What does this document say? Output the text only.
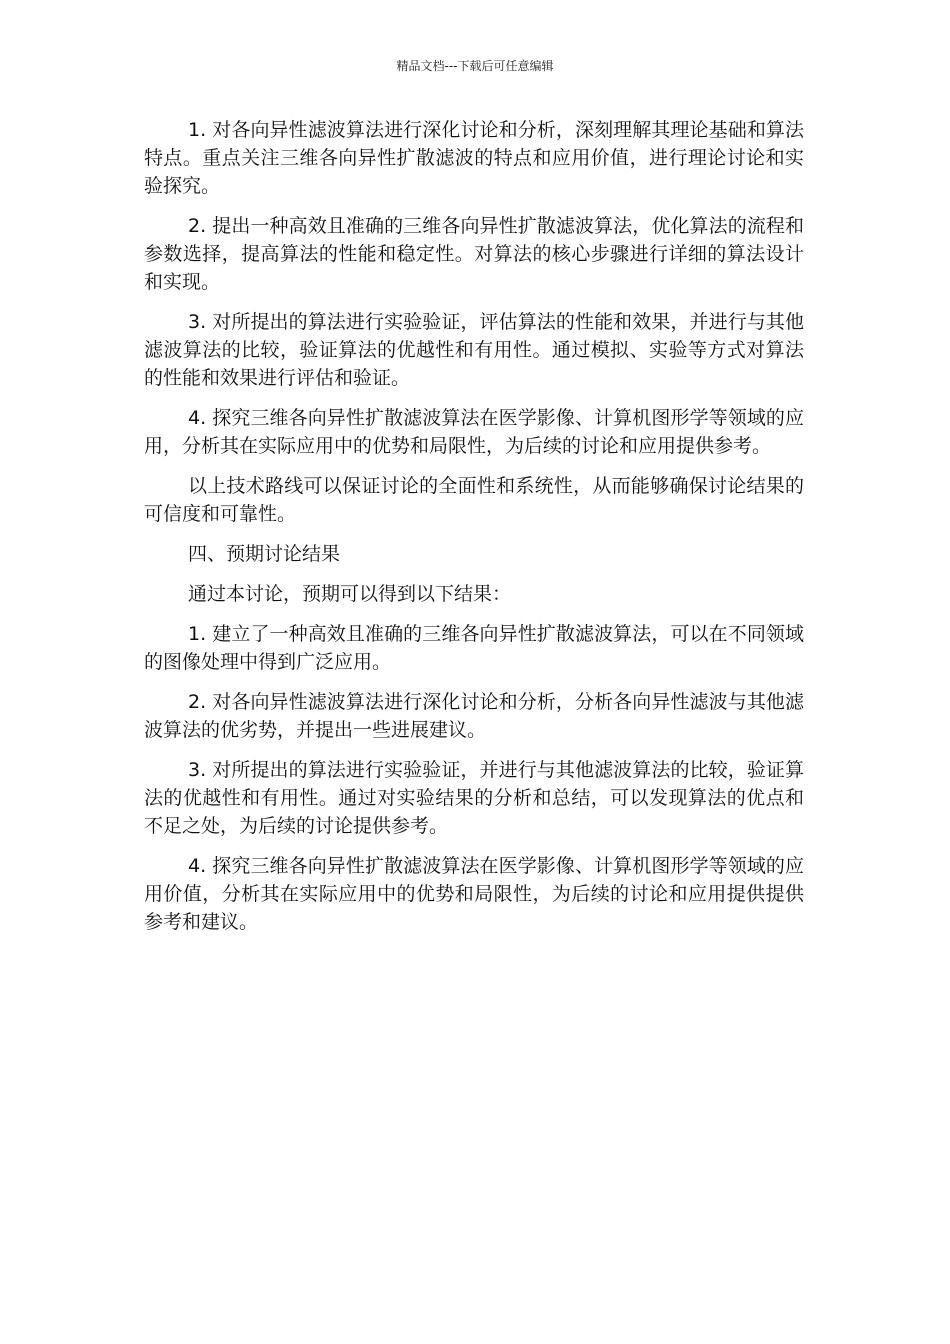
精品文档---下载后可任意编辑

1. 对各向异性滤波算法进行深化讨论和分析，深刻理解其理论基础和算法特点。重点关注三维各向异性扩散滤波的特点和应用价值，进行理论讨论和实验探究。

2. 提出一种高效且准确的三维各向异性扩散滤波算法，优化算法的流程和参数选择，提高算法的性能和稳定性。对算法的核心步骤进行详细的算法设计和实现。

3. 对所提出的算法进行实验验证，评估算法的性能和效果，并进行与其他滤波算法的比较，验证算法的优越性和有用性。通过模拟、实验等方式对算法的性能和效果进行评估和验证。

4. 探究三维各向异性扩散滤波算法在医学影像、计算机图形学等领域的应用，分析其在实际应用中的优势和局限性，为后续的讨论和应用提供参考。

以上技术路线可以保证讨论的全面性和系统性，从而能够确保讨论结果的可信度和可靠性。

四、预期讨论结果

通过本讨论，预期可以得到以下结果：

1. 建立了一种高效且准确的三维各向异性扩散滤波算法，可以在不同领域的图像处理中得到广泛应用。

2. 对各向异性滤波算法进行深化讨论和分析，分析各向异性滤波与其他滤波算法的优劣势，并提出一些进展建议。

3. 对所提出的算法进行实验验证，并进行与其他滤波算法的比较，验证算法的优越性和有用性。通过对实验结果的分析和总结，可以发现算法的优点和不足之处，为后续的讨论提供参考。

4. 探究三维各向异性扩散滤波算法在医学影像、计算机图形学等领域的应用价值，分析其在实际应用中的优势和局限性，为后续的讨论和应用提供提供参考和建议。
